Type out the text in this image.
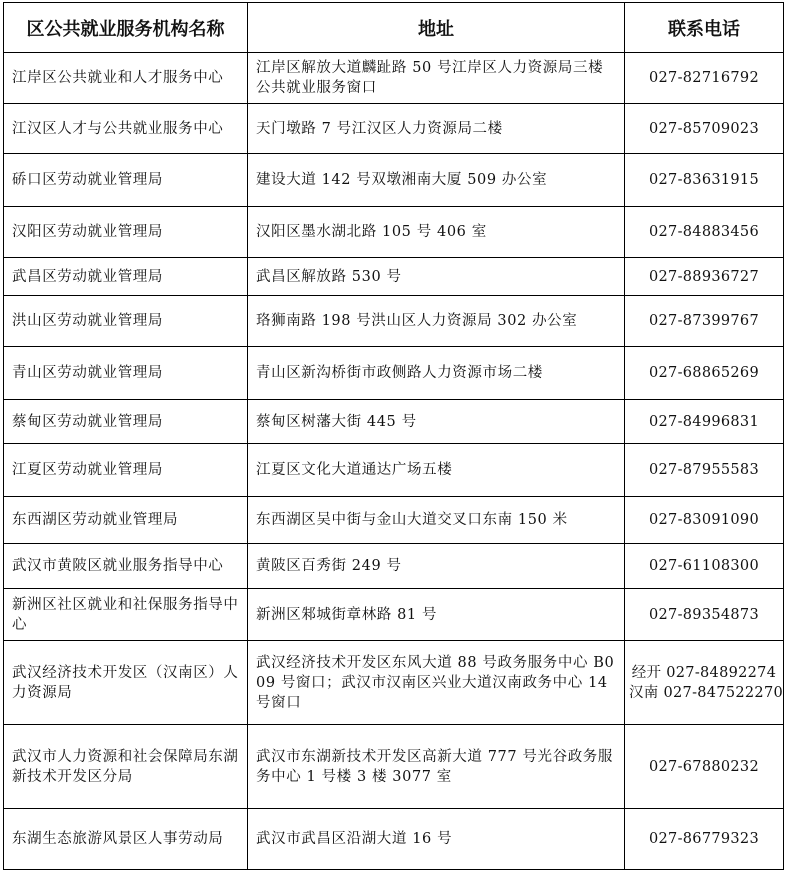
区公共就业服务机构名称	地址	联系电话
江岸区公共就业和人才服务中心	江岸区解放大道麟趾路 50 号江岸区人力资源局三楼公共就业服务窗口	027-82716792

江汉区人才与公共就业服务中心	天门墩路 7 号江汉区人力资源局二楼	027-85709023

硚口区劳动就业管理局	建设大道 142 号双墩湘南大厦 509 办公室	027-83631915

汉阳区劳动就业管理局	汉阳区墨水湖北路 105 号 406 室	027-84883456

武昌区劳动就业管理局	武昌区解放路 530 号	027-88936727

洪山区劳动就业管理局	珞狮南路 198 号洪山区人力资源局 302 办公室	027-87399767

青山区劳动就业管理局	青山区新沟桥街市政侧路人力资源市场二楼	027-68865269

蔡甸区劳动就业管理局	蔡甸区树藩大街 445 号	027-84996831

江夏区劳动就业管理局	江夏区文化大道通达广场五楼	027-87955583

东西湖区劳动就业管理局	东西湖区吴中街与金山大道交叉口东南 150 米	027-83091090

武汉市黄陂区就业服务指导中心	黄陂区百秀街 249 号	027-61108300

新洲区社区就业和社保服务指导中心	新洲区邾城街章林路 81 号	027-89354873

武汉经济技术开发区（汉南区）人力资源局	武汉经济技术开发区东风大道 88 号政务服务中心 B009 号窗口；武汉市汉南区兴业大道汉南政务中心 14 号窗口	经开 027-84892274
汉南 027-847522270

武汉市人力资源和社会保障局东湖新技术开发区分局	武汉市东湖新技术开发区高新大道 777 号光谷政务服务中心 1 号楼 3 楼 3077 室	027-67880232

东湖生态旅游风景区人事劳动局	武汉市武昌区沿湖大道 16 号	027-86779323
